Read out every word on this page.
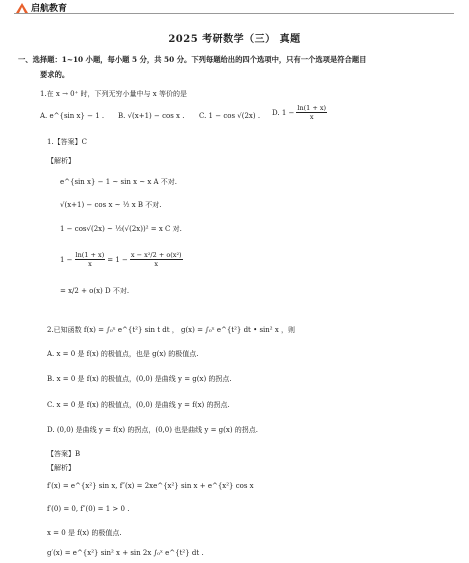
启航教育
2025 考研数学（三） 真题
一、选择题：1~10 小题，每小题 5 分，共 50 分。下列每题给出的四个选项中，只有一个选项是符合题目
要求的。
1.在 x → 0⁺ 时，下列无穷小量中与 x 等价的是
A. e^{sin x} − 1 . B. √(x+1) − cos x . C. 1 − cos √(2x) . D. $1 - \frac{\ln(1 + x)}{x}$
1.【答案】C
【解析】
e^{sin x} − 1 ~ sin x ~ x A 不对.
√(x+1) − cos x ~ ½ x B 不对.
1 − cos√(2x) ~ ½(√(2x))² = x C 对.
$1 - \frac{\ln(1 + x)}{x} = 1 - \frac{\text{x − x²/2 + o(x²)}}{x}$
= x/2 + o(x) D 不对.
2.已知函数 f(x) = ∫₀ˣ e^{t²} sin t dt ， g(x) = ∫₀ˣ e^{t²} dt • sin² x ，则
A. x = 0 是 f(x) 的极值点，也是 g(x) 的极值点.
B. x = 0 是 f(x) 的极值点，(0,0) 是曲线 y = g(x) 的拐点.
C. x = 0 是 f(x) 的极值点，(0,0) 是曲线 y = f(x) 的拐点.
D. (0,0) 是曲线 y = f(x) 的拐点，(0,0) 也是曲线 y = g(x) 的拐点.
【答案】B
【解析】
f′(x) = e^{x²} sin x, f″(x) = 2xe^{x²} sin x + e^{x²} cos x
f′(0) = 0, f″(0) = 1 > 0 .
x = 0 是 f(x) 的极值点.
g′(x) = e^{x²} sin² x + sin 2x ∫₀ˣ e^{t²} dt .
